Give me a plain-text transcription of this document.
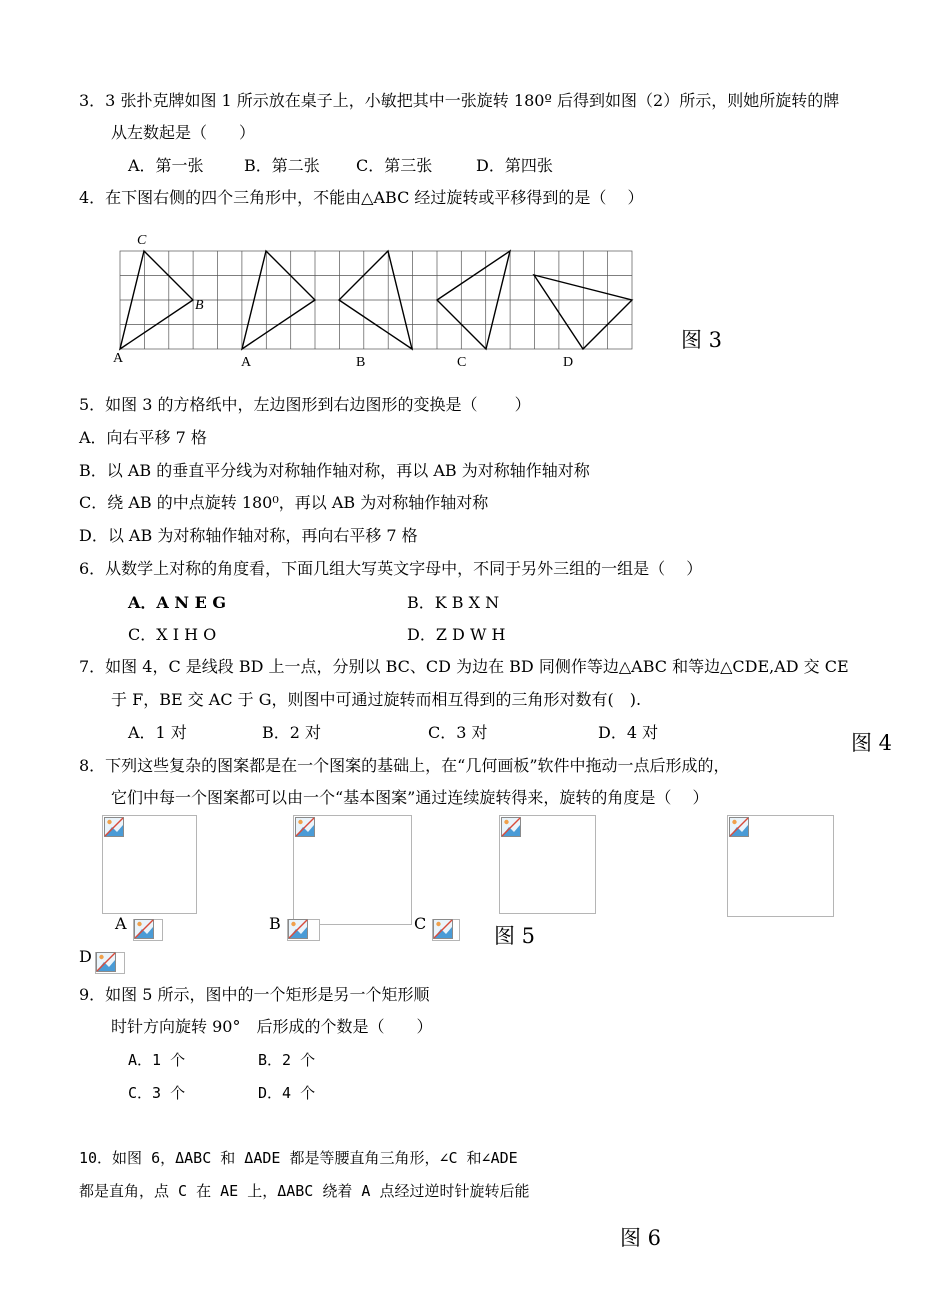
3．3 张扑克牌如图 1 所示放在桌子上，小敏把其中一张旋转 180º 后得到如图（2）所示，则她所旋转的牌
从左数起是（　　）
A．第一张	B．第二张 C．第三张	D．第四张
4．在下图右侧的四个三角形中，不能由△ABC 经过旋转或平移得到的是（　 ）
C
B
A	A	B	C	D
图 3
5．如图 3 的方格纸中，左边图形到右边图形的变换是（　　 ）
A．向右平移 7 格
B．以 AB 的垂直平分线为对称轴作轴对称，再以 AB 为对称轴作轴对称
C．绕 AB 的中点旋转 180⁰，再以 AB 为对称轴作轴对称
D．以 AB 为对称轴作轴对称，再向右平移 7 格
6．从数学上对称的角度看，下面几组大写英文字母中，不同于另外三组的一组是（　 ）
A．A N E G	B．K B X N
C．X I H O	D．Z D W H
7．如图 4，C 是线段 BD 上一点，分别以 BC、CD 为边在 BD 同侧作等边△ABC 和等边△CDE,AD 交 CE
于 F，BE 交 AC 于 G，则图中可通过旋转而相互得到的三角形对数有(　).
A．1 对	B．2 对	C．3 对	D．4 对	图 4
8．下列这些复杂的图案都是在一个图案的基础上，在“几何画板”软件中拖动一点后形成的，
它们中每一个图案都可以由一个“基本图案”通过连续旋转得来，旋转的角度是（　 ）
A	B	C
图 5
D
9．如图 5 所示，图中的一个矩形是另一个矩形顺
时针方向旋转 90°　后形成的个数是（　　）
A．1 个	B．2 个
C．3 个	D．4 个
10．如图 6，ΔABC 和 ΔADE 都是等腰直角三角形，∠C 和∠ADE
都是直角，点 C 在 AE 上，ΔABC 绕着 A 点经过逆时针旋转后能
图 6
